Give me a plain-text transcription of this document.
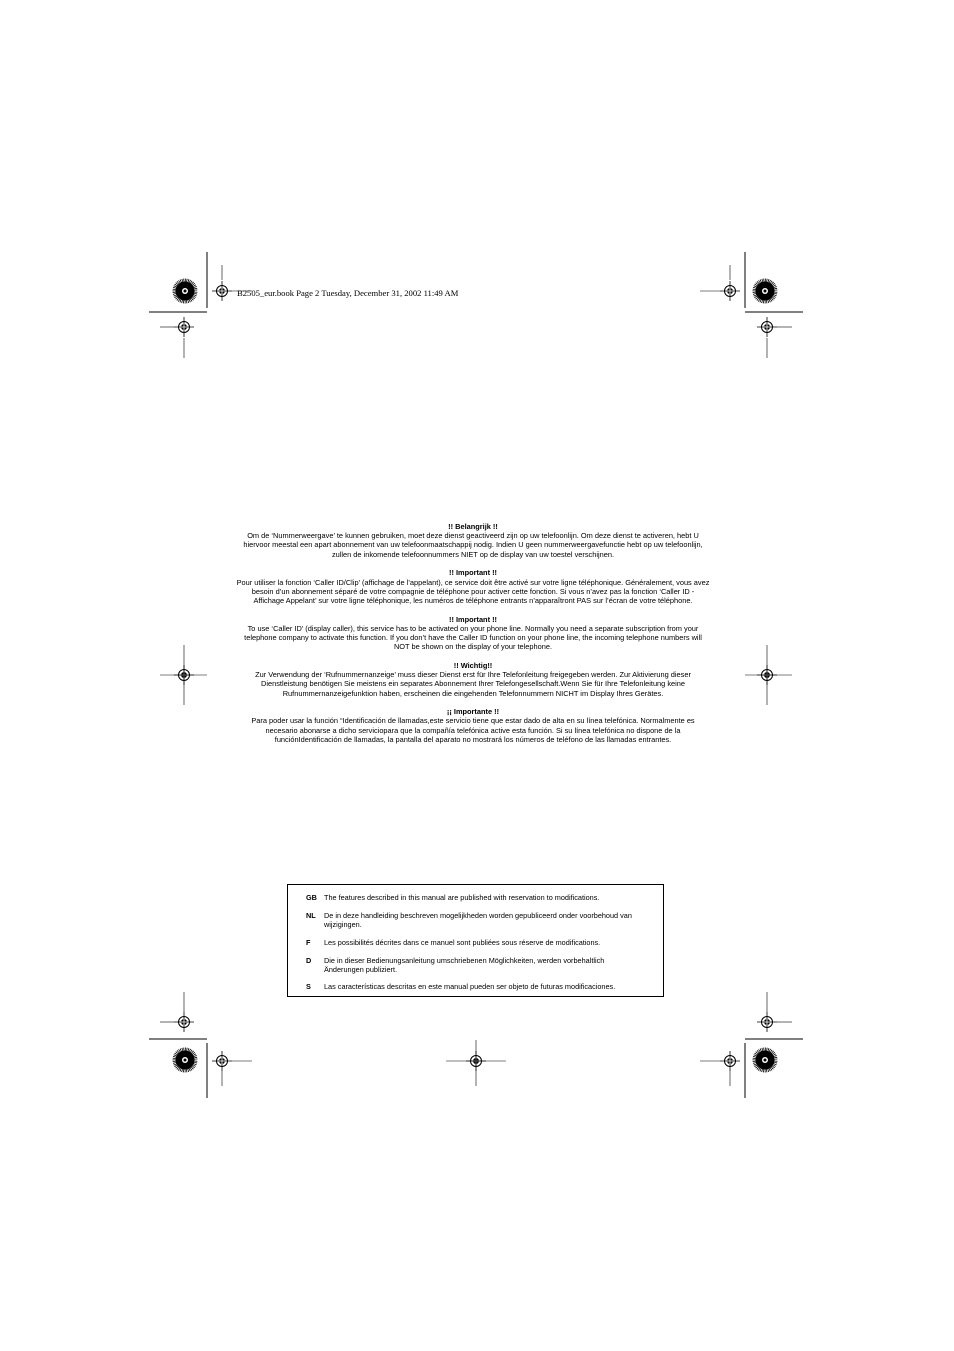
B2505_eur.book Page 2 Tuesday, December 31, 2002 11:49 AM
!! Belangrijk !!

Om de ‘Nummerweergave’ te kunnen gebruiken, moet deze dienst geactiveerd zijn op uw telefoonlijn. Om deze dienst te activeren, hebt U hiervoor meestal een apart abonnement van uw telefoonmaatschappij nodig. Indien U geen nummerweergavefunctie hebt op uw telefoonlijn, zullen de inkomende telefoonnummers NIET op de display van uw toestel verschijnen.

!! Important !!

Pour utiliser la fonction ‘Caller ID/Clip’ (affichage de l’appelant), ce service doit être activé sur votre ligne téléphonique. Généralement, vous avez besoin d’un abonnement séparé de votre compagnie de téléphone pour activer cette fonction. Si vous n’avez pas la fonction ‘Caller ID - Affichage Appelant’ sur votre ligne téléphonique, les numéros de téléphone entrants n’apparaîtront PAS sur l’écran de votre téléphone.

!! Important !!

To use ‘Caller ID’ (display caller), this service has to be activated on your phone line. Normally you need a separate subscription from your telephone company to activate this function. If you don’t have the Caller ID function on your phone line, the incoming telephone numbers will NOT be shown on the display of your telephone.

!! Wichtig!!

Zur Verwendung der ‘Rufnummernanzeige’ muss dieser Dienst erst für Ihre Telefonleitung freigegeben werden. Zur Aktivierung dieser Dienstleistung benötigen Sie meistens ein separates Abonnement Ihrer Telefongesellschaft.Wenn Sie für Ihre Telefonleitung keine Rufnummernanzeigefunktion haben, erscheinen die eingehenden Telefonnummern NICHT im Display Ihres Gerätes.

¡¡ Importante !!

Para poder usar la función “Identificación de llamadas,este servicio tiene que estar dado de alta en su línea telefónica. Normalmente es necesario abonarse a dicho serviciopara que la compañía telefónica active esta función. Si su línea telefónica no dispone de la funciónIdentificación de llamadas, la pantalla del aparato no mostrará los números de teléfono de las llamadas entrantes.

GB The features described in this manual are published with reservation to modifications.
NL De in deze handleiding beschreven mogelijkheden worden gepubliceerd onder voorbehoud van wijzigingen.
F Les possibilités décrites dans ce manuel sont publiées sous réserve de modifications.
D Die in dieser Bedienungsanleitung umschriebenen Möglichkeiten, werden vorbehaltlich Änderungen publiziert.
S Las características descritas en este manual pueden ser objeto de futuras modificaciones.
